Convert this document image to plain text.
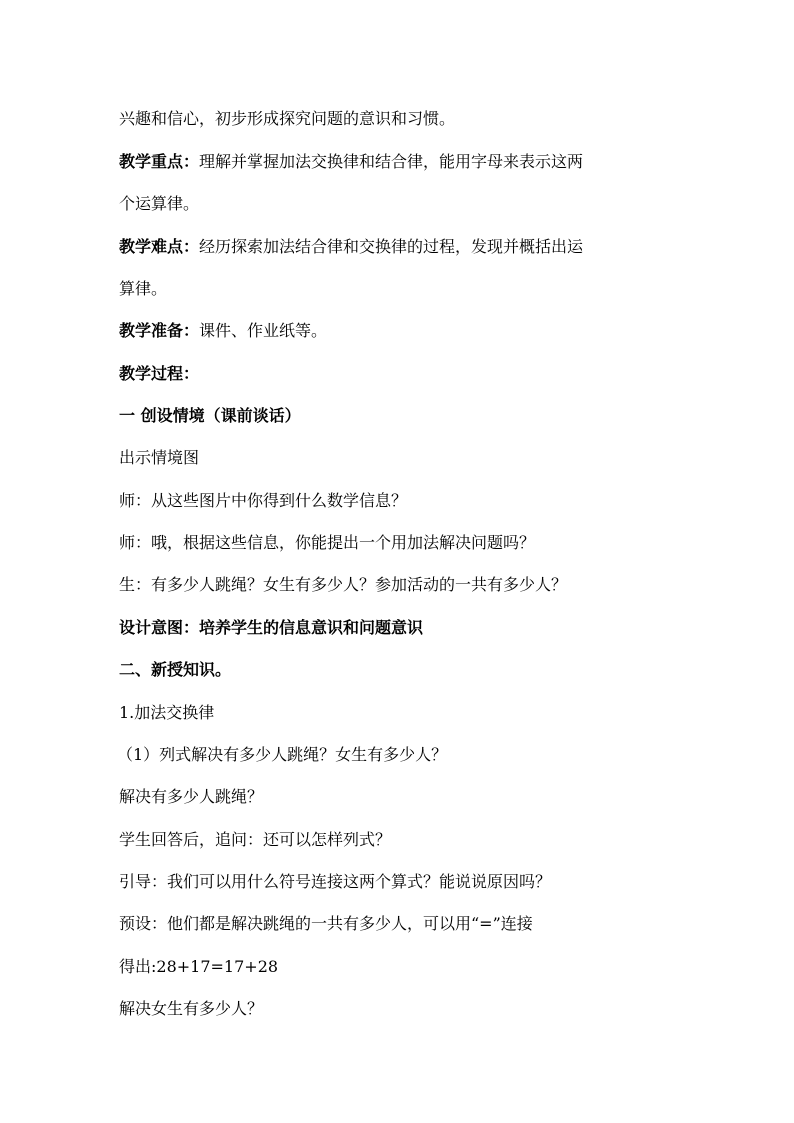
兴趣和信心，初步形成探究问题的意识和习惯。
教学重点：理解并掌握加法交换律和结合律，能用字母来表示这两
个运算律。
教学难点：经历探索加法结合律和交换律的过程，发现并概括出运
算律。
教学准备：课件、作业纸等。
教学过程：
一 创设情境（课前谈话）
出示情境图
师：从这些图片中你得到什么数学信息？
师：哦，根据这些信息，你能提出一个用加法解决问题吗？
生：有多少人跳绳？女生有多少人？参加活动的一共有多少人？
设计意图：培养学生的信息意识和问题意识
二、新授知识。
1.加法交换律
（1）列式解决有多少人跳绳？女生有多少人？
解决有多少人跳绳？
学生回答后，追问：还可以怎样列式？
引导：我们可以用什么符号连接这两个算式？能说说原因吗？
预设：他们都是解决跳绳的一共有多少人，可以用“=”连接
得出:28+17=17+28
解决女生有多少人？
